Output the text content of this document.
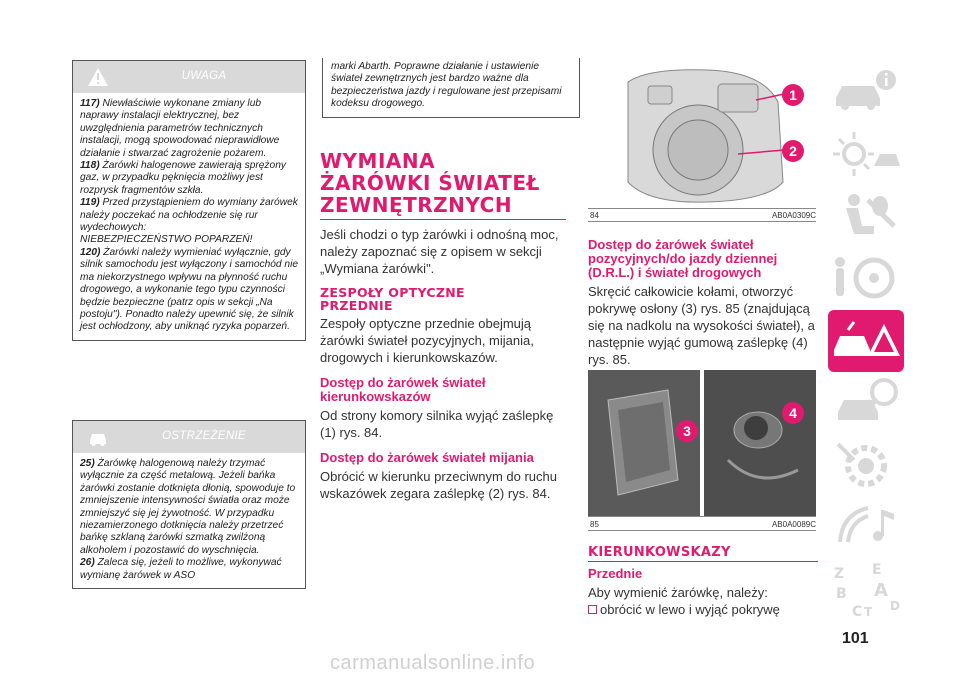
UWAGA

117) Niewłaściwie wykonane zmiany lub naprawy instalacji elektrycznej, bez uwzględnienia parametrów technicznych instalacji, mogą spowodować nieprawidłowe działanie i stwarzać zagrożenie pożarem.

118) Żarówki halogenowe zawierają sprężony gaz, w przypadku pęknięcia możliwy jest rozprysk fragmentów szkła.

119) Przed przystąpieniem do wymiany żarówek należy poczekać na ochłodzenie się rur wydechowych:

NIEBEZPIECZEŃSTWO POPARZEŃ!

120) Żarówki należy wymieniać wyłącznie, gdy silnik samochodu jest wyłączony i samochód nie ma niekorzystnego wpływu na płynność ruchu drogowego, a wykonanie tego typu czynności będzie bezpieczne (patrz opis w sekcji „Na postoju"). Ponadto należy upewnić się, że silnik jest ochłodzony, aby uniknąć ryzyka poparzeń.

OSTRZEŻENIE

25) Żarówkę halogenową należy trzymać wyłącznie za część metalową. Jeżeli bańka żarówki zostanie dotknięta dłonią, spowoduje to zmniejszenie intensywności światła oraz może zmniejszyć się jej żywotność. W przypadku niezamierzonego dotknięcia należy przetrzeć bańkę szklaną żarówki szmatką zwilżoną alkoholem i pozostawić do wyschnięcia.

26) Zaleca się, jeżeli to możliwe, wykonywać wymianę żarówek w ASO

marki Abarth. Poprawne działanie i ustawienie świateł zewnętrznych jest bardzo ważne dla bezpieczeństwa jazdy i regulowane jest przepisami kodeksu drogowego.
WYMIANA
ŻARÓWKI ŚWIATEŁ
ZEWNĘTRZNYCH
Jeśli chodzi o typ żarówki i odnośną moc, należy zapoznać się z opisem w sekcji „Wymiana żarówki".
ZESPOŁY OPTYCZNE
PRZEDNIE
Zespoły optyczne przednie obejmują żarówki świateł pozycyjnych, mijania, drogowych i kierunkowskazów.
Dostęp do żarówek świateł kierunkowskazów
Od strony komory silnika wyjąć zaślepkę (1) rys. 84.
Dostęp do żarówek świateł mijania
Obrócić w kierunku przeciwnym do ruchu wskazówek zegara zaślepkę (2) rys. 84.
1
2
84	AB0A0309C
Dostęp do żarówek świateł pozycyjnych/do jazdy dziennej (D.R.L.) i świateł drogowych
Skręcić całkowicie kołami, otworzyć pokrywę osłony (3) rys. 85 (znajdującą się na nadkolu na wysokości świateł), a następnie wyjąć gumową zaślepkę (4) rys. 85.
3
4
85	AB0A0089C
KIERUNKOWSKAZY
Przednie
Aby wymienić żarówkę, należy:
obrócić w lewo i wyjąć pokrywę
Z E
B A
C D
T
101
carmanualsonline.info
